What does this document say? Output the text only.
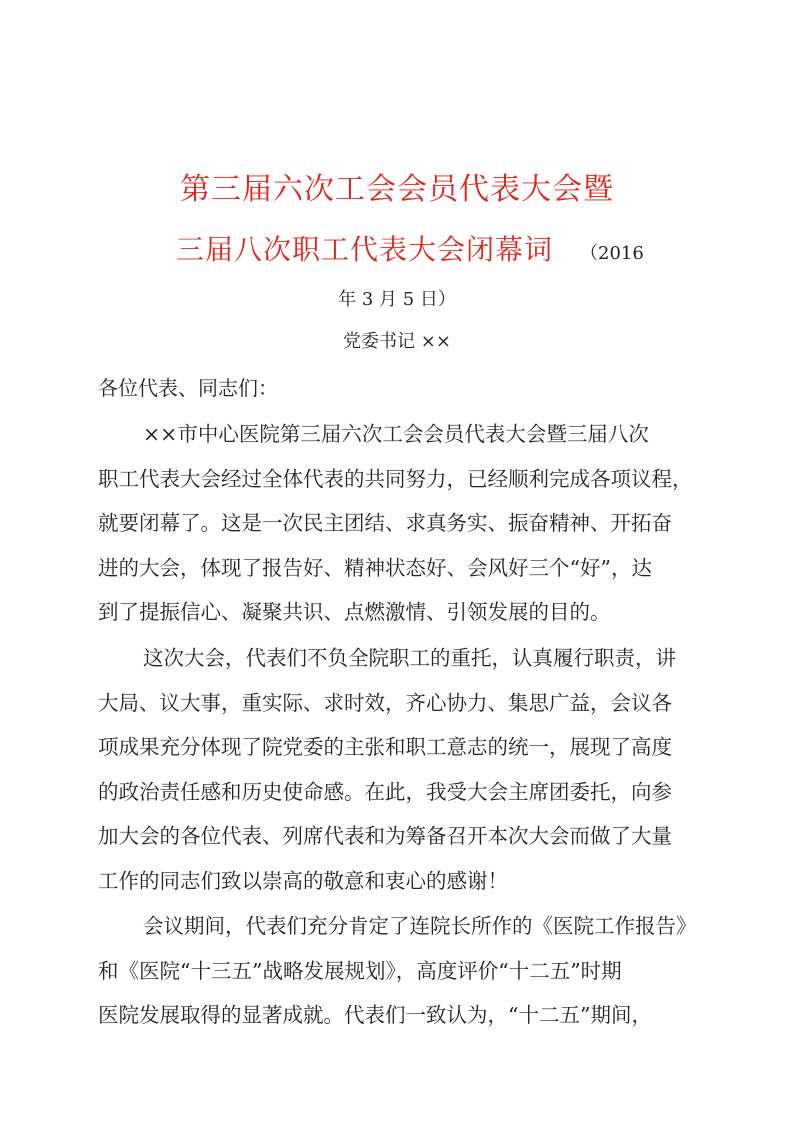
第三届六次工会会员代表大会暨
三届八次职工代表大会闭幕词 （2016
年 3 月 5 日）
党委书记 ××
各位代表、同志们：
××市中心医院第三届六次工会会员代表大会暨三届八次
职工代表大会经过全体代表的共同努力，已经顺利完成各项议程，
就要闭幕了。这是一次民主团结、求真务实、振奋精神、开拓奋
进的大会，体现了报告好、精神状态好、会风好三个“好”，达
到了提振信心、凝聚共识、点燃激情、引领发展的目的。
这次大会，代表们不负全院职工的重托，认真履行职责，讲
大局、议大事，重实际、求时效，齐心协力、集思广益，会议各
项成果充分体现了院党委的主张和职工意志的统一，展现了高度
的政治责任感和历史使命感。在此，我受大会主席团委托，向参
加大会的各位代表、列席代表和为筹备召开本次大会而做了大量
工作的同志们致以崇高的敬意和衷心的感谢！
会议期间，代表们充分肯定了连院长所作的《医院工作报告》
和《医院“十三五”战略发展规划》，高度评价“十二五”时期
医院发展取得的显著成就。代表们一致认为，“十二五”期间，
